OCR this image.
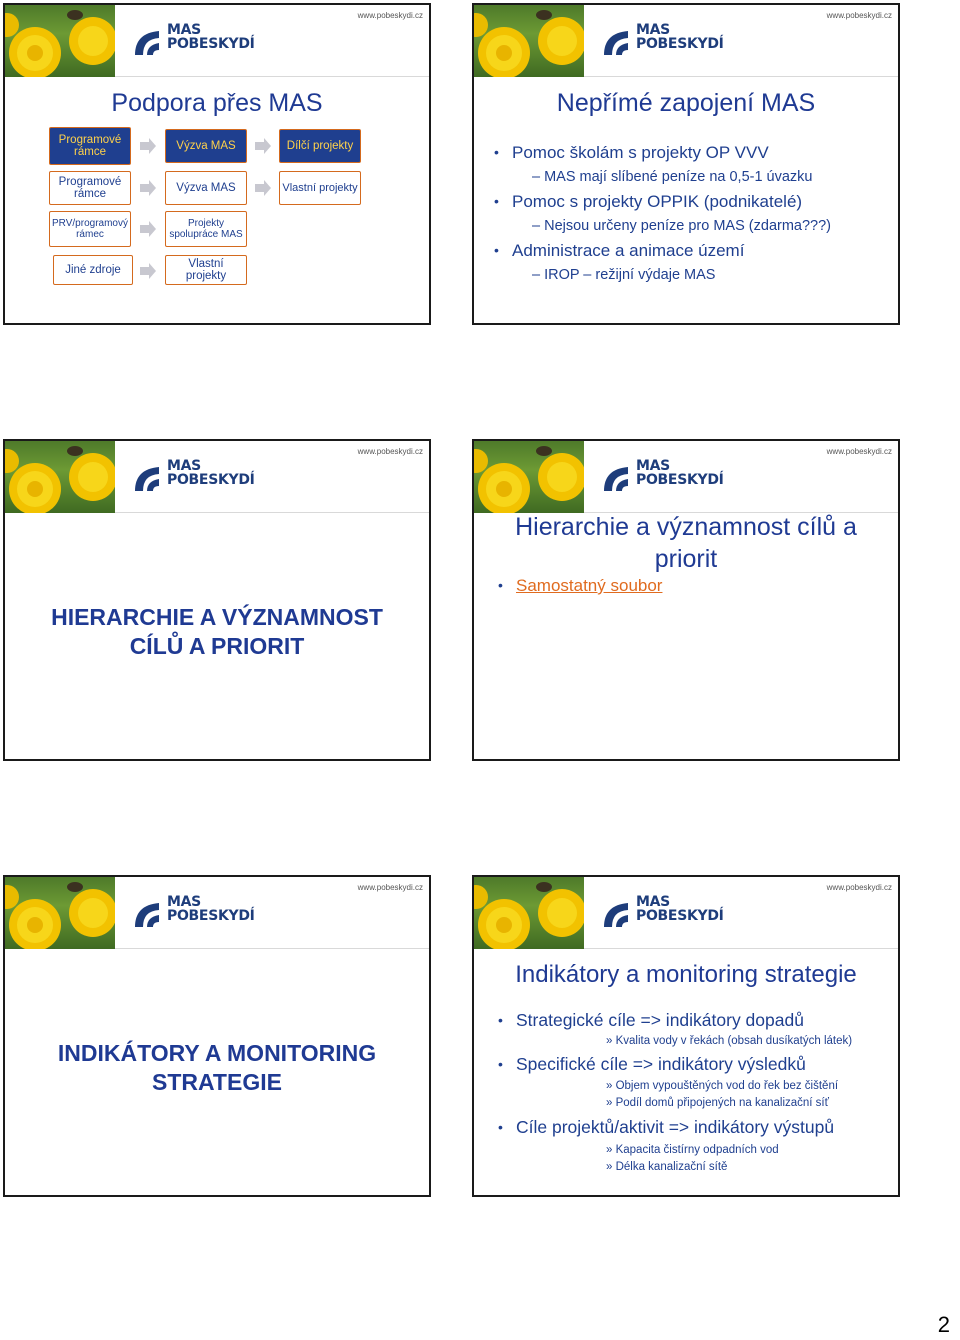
www.pobeskydi.cz
MAS
POBESKYDÍ
Podpora přes MAS
Programové rámce
Programové rámce
PRV/programový rámec
Jiné zdroje
Výzva MAS
Výzva MAS
Projekty spolupráce MAS
Vlastní projekty
Dílčí projekty
Vlastní projekty
www.pobeskydi.cz
MAS
POBESKYDÍ
Nepřímé zapojení MAS
• Pomoc školám s projekty OP VVV
– MAS mají slíbené peníze na 0,5-1 úvazku
• Pomoc s projekty OPPIK (podnikatelé)
– Nejsou určeny peníze pro MAS (zdarma???)
• Administrace a animace území
– IROP – režijní výdaje MAS
www.pobeskydi.cz
MAS
POBESKYDÍ
HIERARCHIE A VÝZNAMNOST
CÍLŮ A PRIORIT
www.pobeskydi.cz
MAS
POBESKYDÍ
Hierarchie a významnost cílů a
priorit
• Samostatný soubor
www.pobeskydi.cz
MAS
POBESKYDÍ
INDIKÁTORY A MONITORING
STRATEGIE
www.pobeskydi.cz
MAS
POBESKYDÍ
Indikátory a monitoring strategie
• Strategické cíle => indikátory dopadů
» Kvalita vody v řekách (obsah dusíkatých látek)
• Specifické cíle => indikátory výsledků
» Objem vypouštěných vod do řek bez čištění
» Podíl domů připojených na kanalizační síť
• Cíle projektů/aktivit => indikátory výstupů
» Kapacita čistírny odpadních vod
» Délka kanalizační sítě
2
